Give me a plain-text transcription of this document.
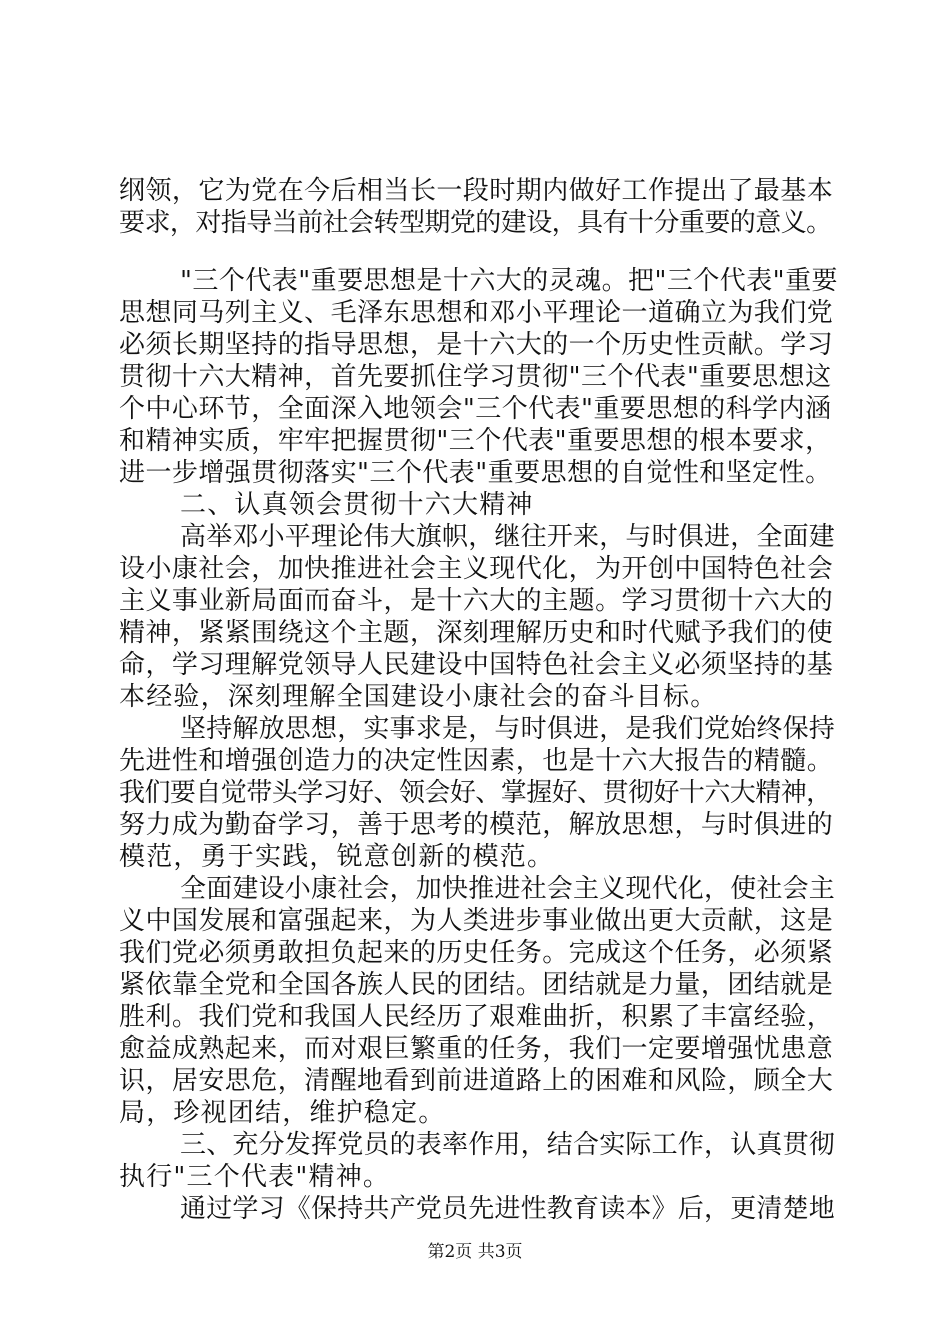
纲领，它为党在今后相当长一段时期内做好工作提出了最基本
要求，对指导当前社会转型期党的建设，具有十分重要的意义。
"三个代表"重要思想是十六大的灵魂。把"三个代表"重要
思想同马列主义、毛泽东思想和邓小平理论一道确立为我们党
必须长期坚持的指导思想，是十六大的一个历史性贡献。学习
贯彻十六大精神，首先要抓住学习贯彻"三个代表"重要思想这
个中心环节，全面深入地领会"三个代表"重要思想的科学内涵
和精神实质，牢牢把握贯彻"三个代表"重要思想的根本要求，
进一步增强贯彻落实"三个代表"重要思想的自觉性和坚定性。
二、认真领会贯彻十六大精神
高举邓小平理论伟大旗帜，继往开来，与时俱进，全面建
设小康社会，加快推进社会主义现代化，为开创中国特色社会
主义事业新局面而奋斗，是十六大的主题。学习贯彻十六大的
精神，紧紧围绕这个主题，深刻理解历史和时代赋予我们的使
命，学习理解党领导人民建设中国特色社会主义必须坚持的基
本经验，深刻理解全国建设小康社会的奋斗目标。
坚持解放思想，实事求是，与时俱进，是我们党始终保持
先进性和增强创造力的决定性因素，也是十六大报告的精髓。
我们要自觉带头学习好、领会好、掌握好、贯彻好十六大精神，
努力成为勤奋学习，善于思考的模范，解放思想，与时俱进的
模范，勇于实践，锐意创新的模范。
全面建设小康社会，加快推进社会主义现代化，使社会主
义中国发展和富强起来，为人类进步事业做出更大贡献，这是
我们党必须勇敢担负起来的历史任务。完成这个任务，必须紧
紧依靠全党和全国各族人民的团结。团结就是力量，团结就是
胜利。我们党和我国人民经历了艰难曲折，积累了丰富经验，
愈益成熟起来，而对艰巨繁重的任务，我们一定要增强忧患意
识，居安思危，清醒地看到前进道路上的困难和风险，顾全大
局，珍视团结，维护稳定。
三、充分发挥党员的表率作用，结合实际工作，认真贯彻
执行"三个代表"精神。
通过学习《保持共产党员先进性教育读本》后，更清楚地
第2页 共3页
